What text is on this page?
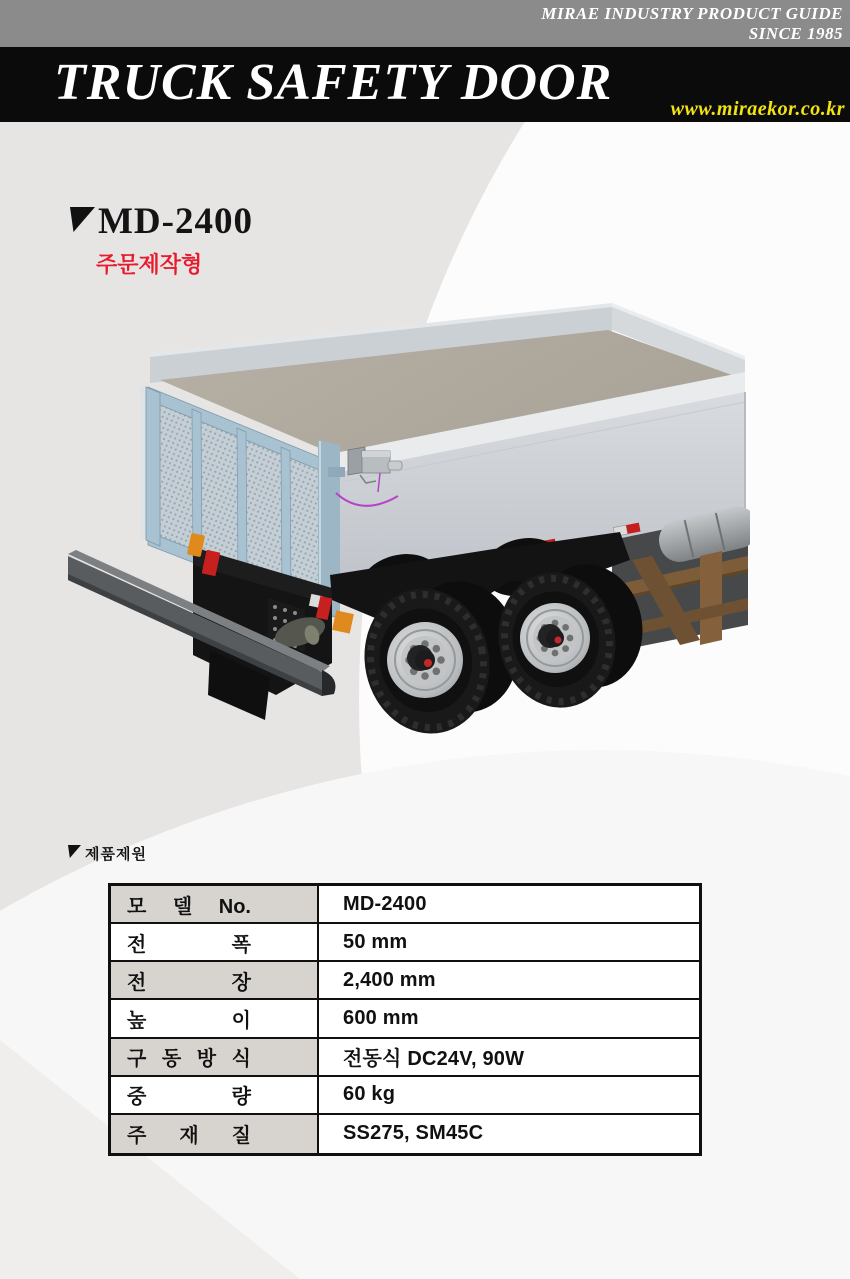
MIRAE INDUSTRY PRODUCT GUIDE
SINCE 1985
TRUCK SAFETY DOOR	www.miraekor.co.kr
MD-2400
주문제작형
제품제원
모 델 No.	MD-2400
전 폭	50 mm
전 장	2,400 mm
높 이	600 mm
구 동 방 식	전동식 DC24V, 90W
중 량	60 kg
주 재 질	SS275, SM45C
